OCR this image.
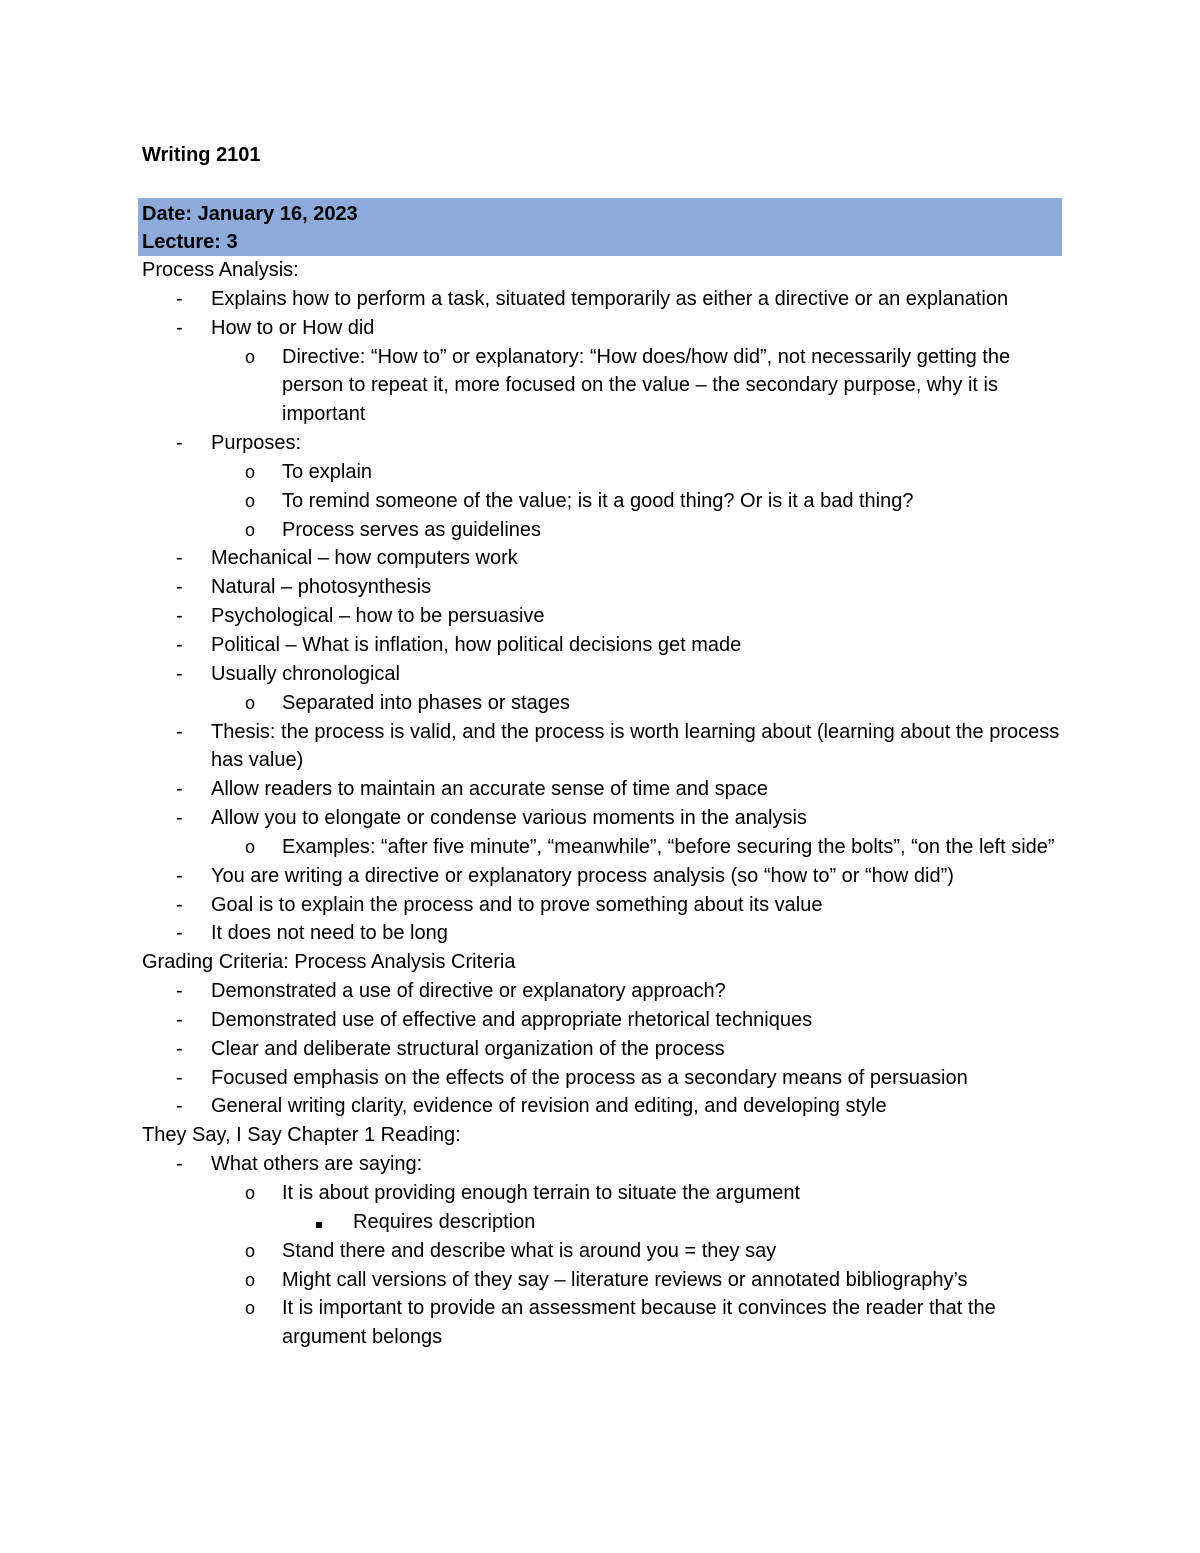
Writing 2101
Date: January 16, 2023
Lecture: 3
Process Analysis:
- Explains how to perform a task, situated temporarily as either a directive or an explanation
- How to or How did
o Directive: “How to” or explanatory: “How does/how did”, not necessarily getting the person to repeat it, more focused on the value – the secondary purpose, why it is important
- Purposes:
o To explain
o To remind someone of the value; is it a good thing? Or is it a bad thing?
o Process serves as guidelines
- Mechanical – how computers work
- Natural – photosynthesis
- Psychological – how to be persuasive
- Political – What is inflation, how political decisions get made
- Usually chronological
o Separated into phases or stages
- Thesis: the process is valid, and the process is worth learning about (learning about the process has value)
- Allow readers to maintain an accurate sense of time and space
- Allow you to elongate or condense various moments in the analysis
o Examples: “after five minute”, “meanwhile”, “before securing the bolts”, “on the left side”
- You are writing a directive or explanatory process analysis (so “how to” or “how did”)
- Goal is to explain the process and to prove something about its value
- It does not need to be long
Grading Criteria: Process Analysis Criteria
- Demonstrated a use of directive or explanatory approach?
- Demonstrated use of effective and appropriate rhetorical techniques
- Clear and deliberate structural organization of the process
- Focused emphasis on the effects of the process as a secondary means of persuasion
- General writing clarity, evidence of revision and editing, and developing style
They Say, I Say Chapter 1 Reading:
- What others are saying:
o It is about providing enough terrain to situate the argument
Requires description
o Stand there and describe what is around you = they say
o Might call versions of they say – literature reviews or annotated bibliography’s
o It is important to provide an assessment because it convinces the reader that the argument belongs
